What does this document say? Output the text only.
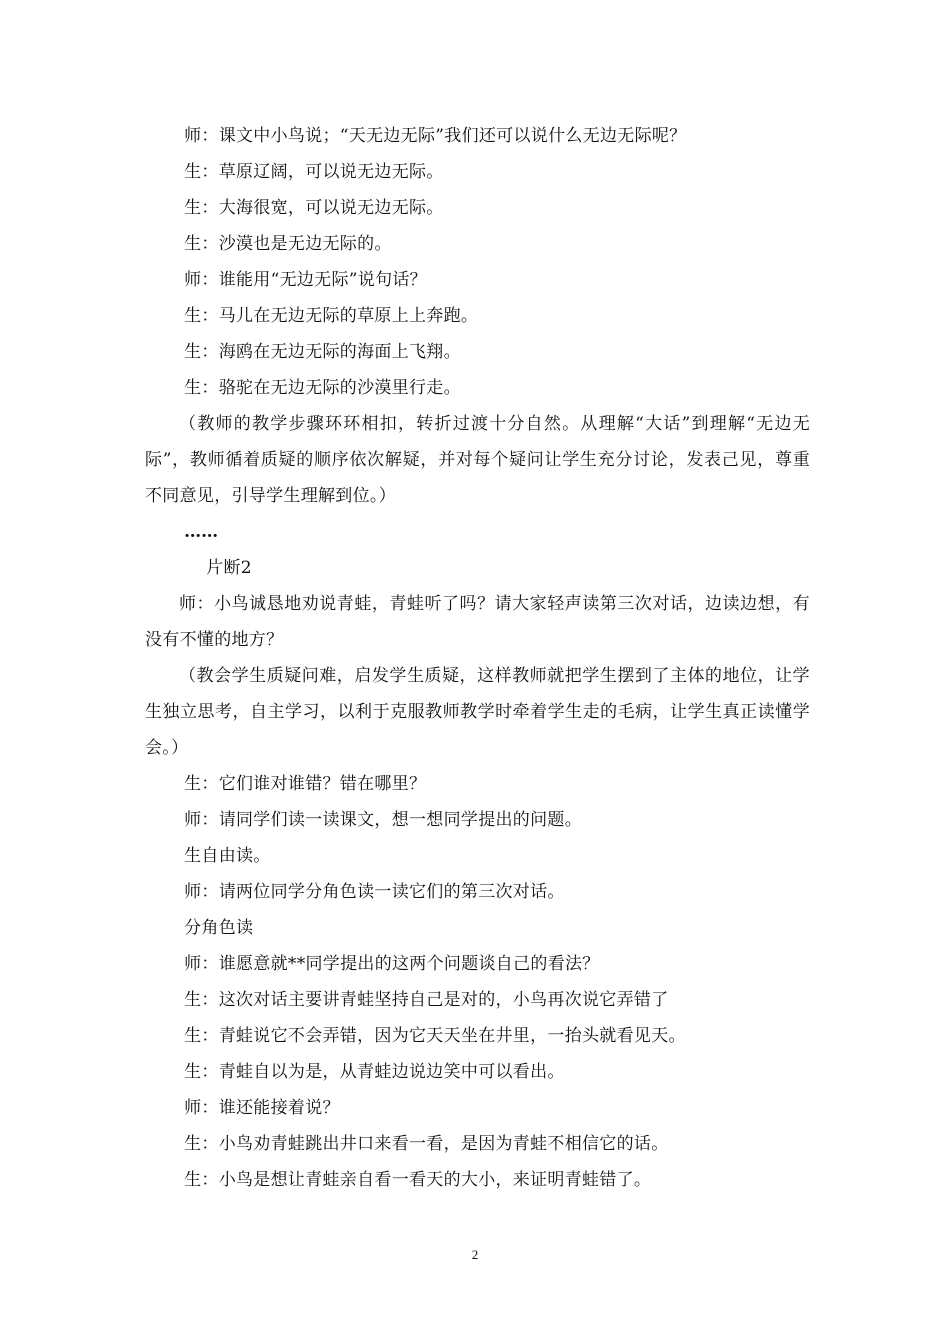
师：课文中小鸟说；“天无边无际”我们还可以说什么无边无际呢？

生：草原辽阔，可以说无边无际。

生：大海很宽，可以说无边无际。

生：沙漠也是无边无际的。

师：谁能用“无边无际”说句话？

生：马儿在无边无际的草原上上奔跑。

生：海鸥在无边无际的海面上飞翔。

生：骆驼在无边无际的沙漠里行走。

（教师的教学步骤环环相扣，转折过渡十分自然。从理解“大话”到理解“无边无际”，教师循着质疑的顺序依次解疑，并对每个疑问让学生充分讨论，发表己见，尊重不同意见，引导学生理解到位。）

……

片断2

师：小鸟诚恳地劝说青蛙，青蛙听了吗？请大家轻声读第三次对话，边读边想，有没有不懂的地方？

（教会学生质疑问难，启发学生质疑，这样教师就把学生摆到了主体的地位，让学生独立思考，自主学习，以利于克服教师教学时牵着学生走的毛病，让学生真正读懂学会。）

生：它们谁对谁错？错在哪里？

师：请同学们读一读课文，想一想同学提出的问题。

生自由读。

师：请两位同学分角色读一读它们的第三次对话。

分角色读

师：谁愿意就**同学提出的这两个问题谈自己的看法？

生：这次对话主要讲青蛙坚持自己是对的，小鸟再次说它弄错了

生：青蛙说它不会弄错，因为它天天坐在井里，一抬头就看见天。

生：青蛙自以为是，从青蛙边说边笑中可以看出。

师：谁还能接着说？

生：小鸟劝青蛙跳出井口来看一看，是因为青蛙不相信它的话。

生：小鸟是想让青蛙亲自看一看天的大小，来证明青蛙错了。

2
